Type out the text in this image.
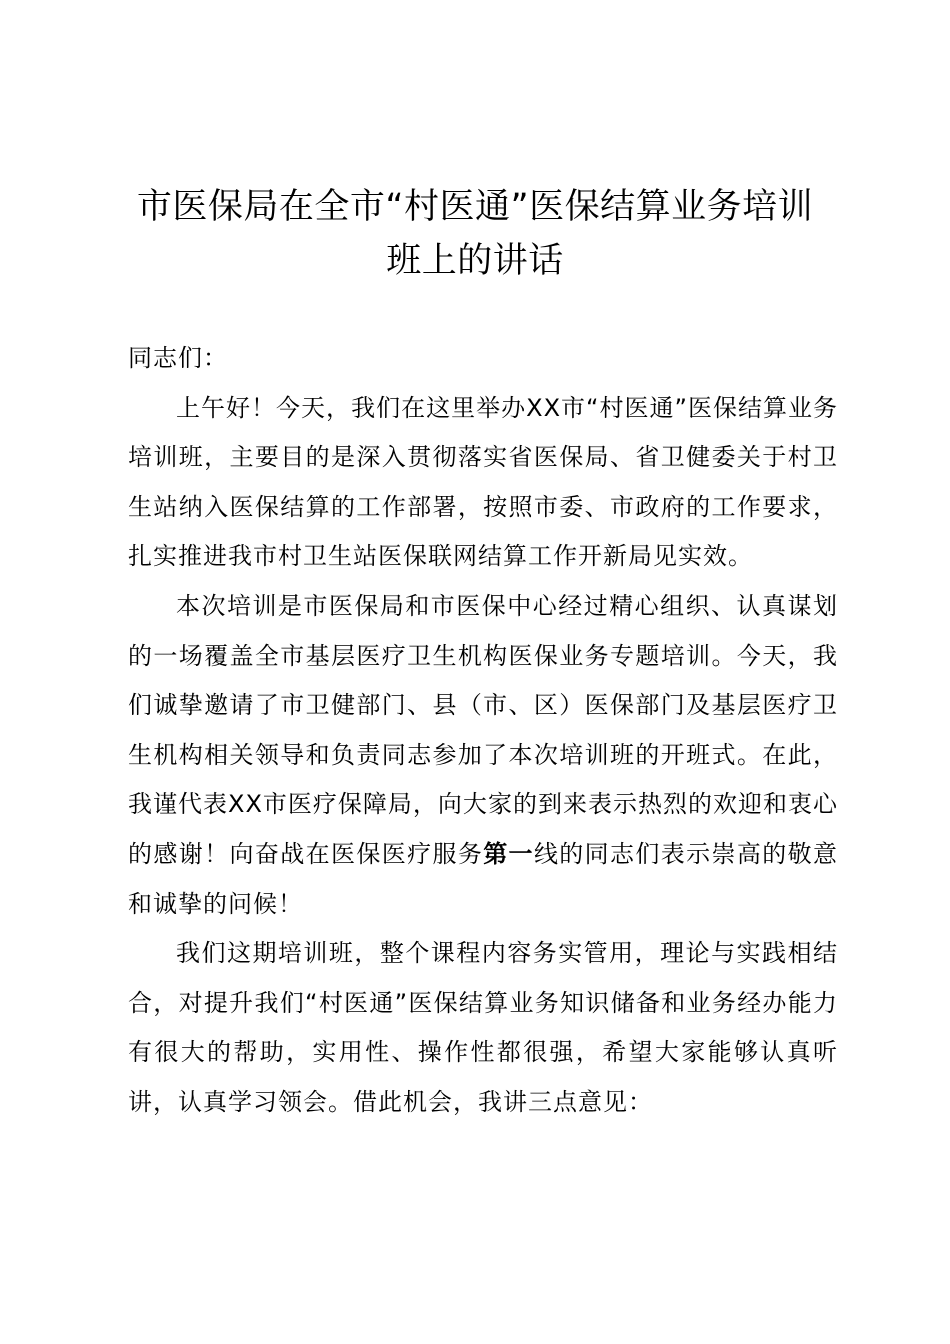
市医保局在全市“村医通”医保结算业务培训
班上的讲话

同志们：

上午好！今天，我们在这里举办XX市“村医通”医保结算业务培训班，主要目的是深入贯彻落实省医保局、省卫健委关于村卫生站纳入医保结算的工作部署，按照市委、市政府的工作要求，扎实推进我市村卫生站医保联网结算工作开新局见实效。

本次培训是市医保局和市医保中心经过精心组织、认真谋划的一场覆盖全市基层医疗卫生机构医保业务专题培训。今天，我们诚挚邀请了市卫健部门、县（市、区）医保部门及基层医疗卫生机构相关领导和负责同志参加了本次培训班的开班式。在此，我谨代表XX市医疗保障局，向大家的到来表示热烈的欢迎和衷心的感谢！向奋战在医保医疗服务第一线的同志们表示崇高的敬意和诚挚的问候！

我们这期培训班，整个课程内容务实管用，理论与实践相结合，对提升我们“村医通”医保结算业务知识储备和业务经办能力有很大的帮助，实用性、操作性都很强，希望大家能够认真听讲，认真学习领会。借此机会，我讲三点意见：
